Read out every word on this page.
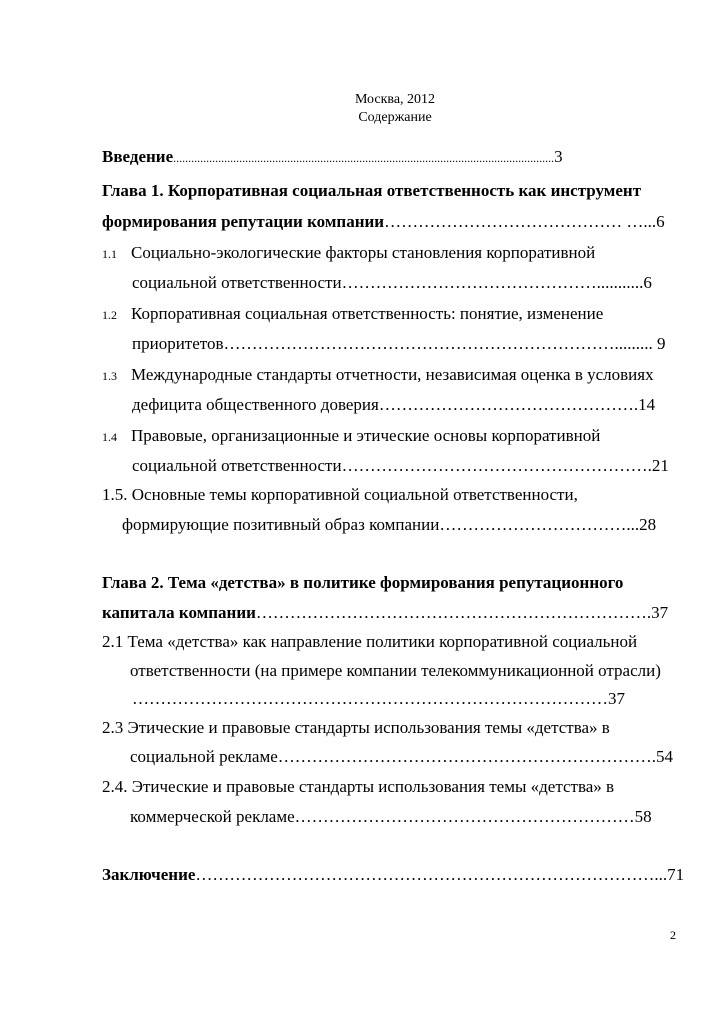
Москва, 2012
Содержание
Введение...............................................................................................................................3
Глава 1. Корпоративная социальная ответственность как инструмент
формирования репутации компании…………………………………… …...6
1.1 Социально-экологические факторы становления корпоративной
социальной ответственности………………………………………...........6
1.2 Корпоративная социальная ответственность: понятие, изменение
приоритетов……………………………………………………………......... 9
1.3 Международные стандарты отчетности, независимая оценка в условиях
дефицита общественного доверия……………………………………….14
1.4 Правовые, организационные и этические основы корпоративной
социальной ответственности……………………………………………….21
1.5. Основные темы корпоративной социальной ответственности,
формирующие позитивный образ компании……………………………...28
Глава 2. Тема «детства» в политике формирования репутационного
капитала компании…………………………………………………………….37
2.1 Тема «детства» как направление политики корпоративной социальной
ответственности (на примере компании телекоммуникационной отрасли)
…………………………………………………………………………37
2.3 Этические и правовые стандарты использования темы «детства» в
социальной рекламе………………………………………………………….54
2.4. Этические и правовые стандарты использования темы «детства» в
коммерческой рекламе……………………………………………………58
Заключение………………………………………………………………………...71
2
